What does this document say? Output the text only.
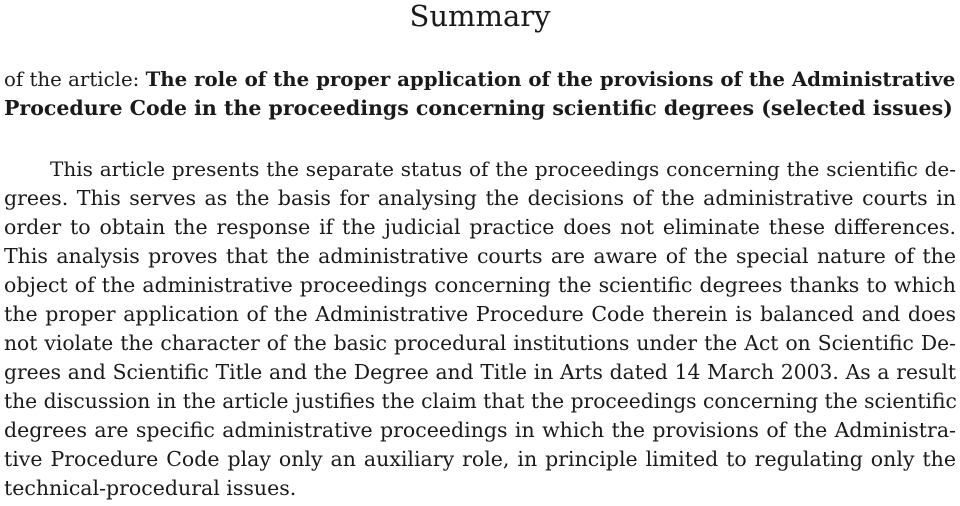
Summary
of the article: The role of the proper application of the provisions of the Administrative
Procedure Code in the proceedings concerning scientific degrees (selected issues)
This article presents the separate status of the proceedings concerning the scientific de-
grees. This serves as the basis for analysing the decisions of the administrative courts in
order to obtain the response if the judicial practice does not eliminate these differences.
This analysis proves that the administrative courts are aware of the special nature of the
object of the administrative proceedings concerning the scientific degrees thanks to which
the proper application of the Administrative Procedure Code therein is balanced and does
not violate the character of the basic procedural institutions under the Act on Scientific De-
grees and Scientific Title and the Degree and Title in Arts dated 14 March 2003. As a result
the discussion in the article justifies the claim that the proceedings concerning the scientific
degrees are specific administrative proceedings in which the provisions of the Administra-
tive Procedure Code play only an auxiliary role, in principle limited to regulating only the
technical-procedural issues.
